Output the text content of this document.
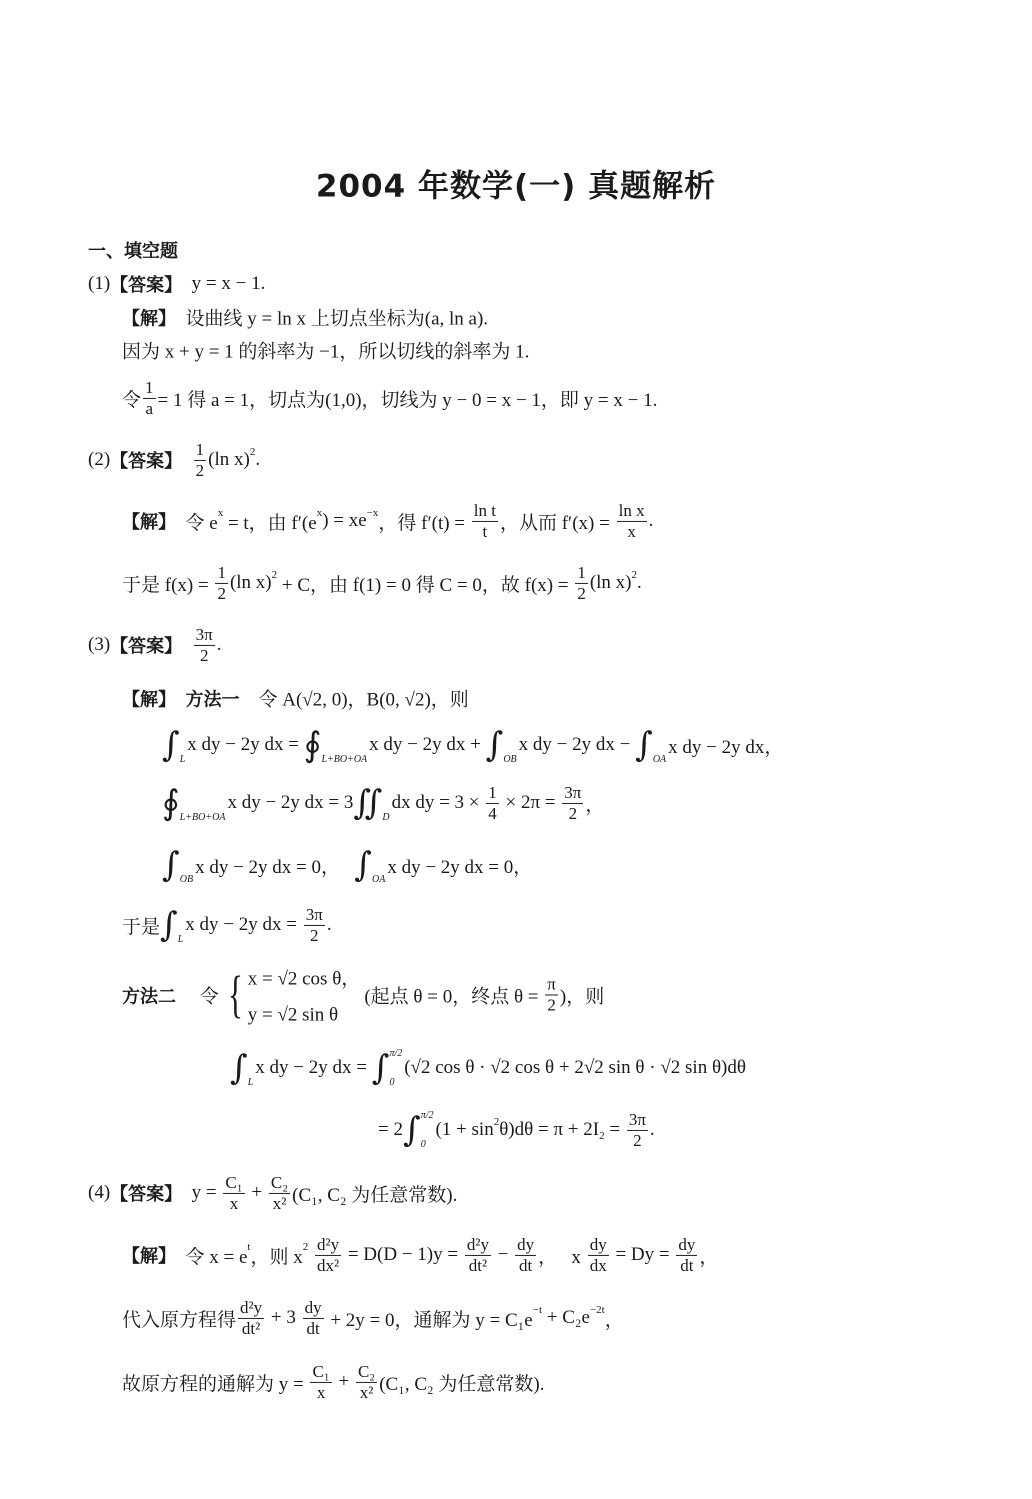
2004 年数学(一) 真题解析
一、填空题
(1) 【答案】 y = x − 1.
【解】 设曲线 y = ln x 上切点坐标为(a, ln a).
因为 x + y = 1 的斜率为 −1，所以切线的斜率为 1.
令 $\frac{1}{a} = 1$ 得 a = 1，切点为(1,0)，切线为 y − 0 = x − 1，即 y = x − 1.
(2) 【答案】
$\frac{1}{2} (\ln$ x) 2 .
【解】 令 e x = t，由 f′(e x ) = xe −x ，得 $f'(t) = \frac{\text{ln t}}{t}$ ，从而 $f'(x) = \frac{\text{ln x}}{x}$ .
于是 $f(x) = \frac{1}{2} (\ln$ x) 2 + C，由 f(1) = 0 得 C = 0，故 $f(x) = \frac{1}{2} (\ln$ x) 2 .
(3) 【答案】
$\frac{3\pi}{2}$ .
【解】
方法一 令 A(√2, 0)，B(0, √2)，则
∫ L
x dy − 2y dx = ∮ L+BO+OA
x dy − 2y dx + ∫ OB
x dy − 2y dx − ∫ OA
x dy − 2y dx，
∮ L+BO+OA
x dy − 2y dx = 3 ∬ D
dx dy = $3 \times \frac{1}{4} \times 2\pi = \frac{3\pi}{2}$ ，
∫ OB
x dy − 2y dx = 0， ∫ OA
x dy − 2y dx = 0，
于是 ∫ L
x dy − 2y dx = $\frac{3\pi}{2}$ .
方法二 令 { x = √2 cos θ，
y = √2 sin θ
(起点 θ = 0，终点 $\theta = \frac{\pi}{2}$ )，则
∫ L
x dy − 2y dx = ∫ π/2
0
(√2 cos θ · √2 cos θ + 2√2 sin θ · √2 sin θ)dθ
= 2 ∫ π/2
0
(1 + sin 2 θ)dθ = π + 2I $2 = \frac{3\pi}{2}$ .
(4) 【答案】 $y = \frac{\text{C₁}}{x} + \frac{\text{C₂}}{\text{x²}} (C_1$, C₂ 为任意常数).
【解】 令 x = e t ，则 x 2
$\frac{\text{d²y}}{\text{dx²}} = D(D - 1)y = \frac{\text{d²y}}{\text{dt²}} - \frac{dy}{dt}$ ，   x $\frac{dy}{dx} = Dy = \frac{dy}{dt}$ ，
代入原方程得 $\frac{\text{d²y}}{\text{dt²}} + 3 \frac{dy}{dt} + 2y = 0$，通解为 y = C₁e −t + C₂e −2t ，
故原方程的通解为 $y = \frac{\text{C₁}}{x} + \frac{\text{C₂}}{\text{x²}} (C_1$, C₂ 为任意常数).
